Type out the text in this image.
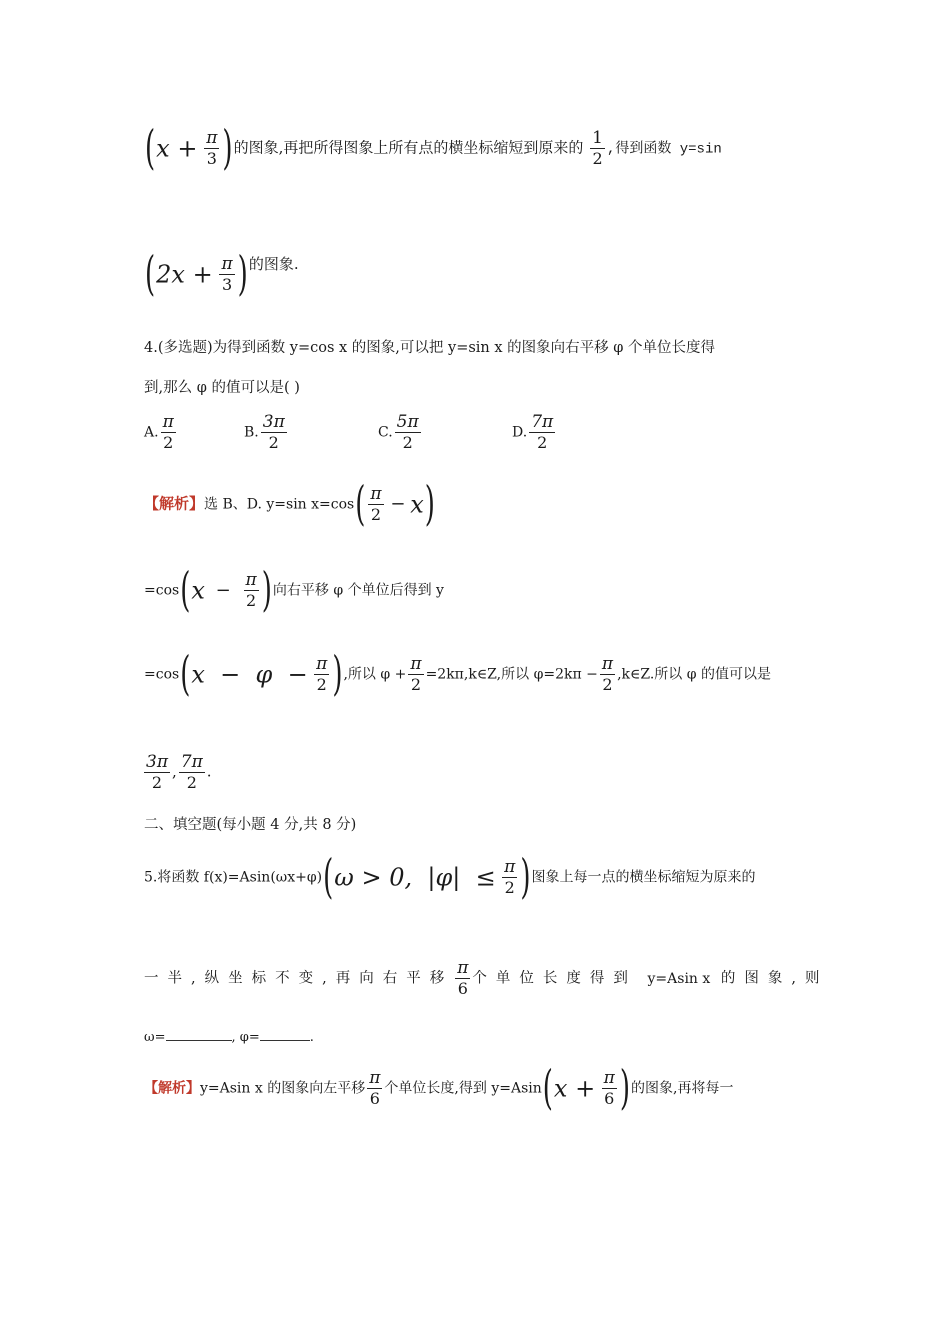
($x + \frac{\pi}{3}$ )的图象,再把所得图象上所有点的横坐标缩短到原来的 $\frac{1}{2}$ ,得到函数 y=sin
($2x + \frac{\pi}{3}$ )的图象.
4.(多选题)为得到函数 y=cos x 的图象,可以把 y=sin x 的图象向右平移 φ 个单位长度得
到,那么 φ 的值可以是( )
A. $\frac{\pi}{2}$	B. $\frac{3\pi}{2}$	C. $\frac{5\pi}{2}$	D. $\frac{7\pi}{2}$
【解析】选 B、D. y=sin $x=\cos( \frac{\pi}{2} - x)$
$=\cos(x - \frac{\pi}{2}$ )向右平移 φ 个单位后得到 y
$=\cos(x - \varphi - \frac{\pi}{2}$ ),所以 $\varphi + \frac{\pi}{2}$ =2kπ,k∈Z,所以 $\varphi=2k\pi - \frac{\pi}{2}$ ,k∈Z.所以 φ 的值可以是
$\frac{3\pi}{2}$ , $\frac{7\pi}{2}$ .
二、填空题(每小题 4 分,共 8 分)
5.将函数 f(x)=Asin(ωx+φ)(ω > 0,  $|\varphi| \le \frac{\pi}{2}$ )图象上每一点的横坐标缩短为原来的
一半,纵坐标不变,再向右平移 $\frac{\pi}{6}$ 个单位长度得到 y=Asin x 的图象,则
ω=	, φ=	.
【解析】y=Asin x 的图象向左平移 $\frac{\pi}{6}$ 个单位长度,得到 $y=Asin(x + \frac{\pi}{6}$ )的图象,再将每一
